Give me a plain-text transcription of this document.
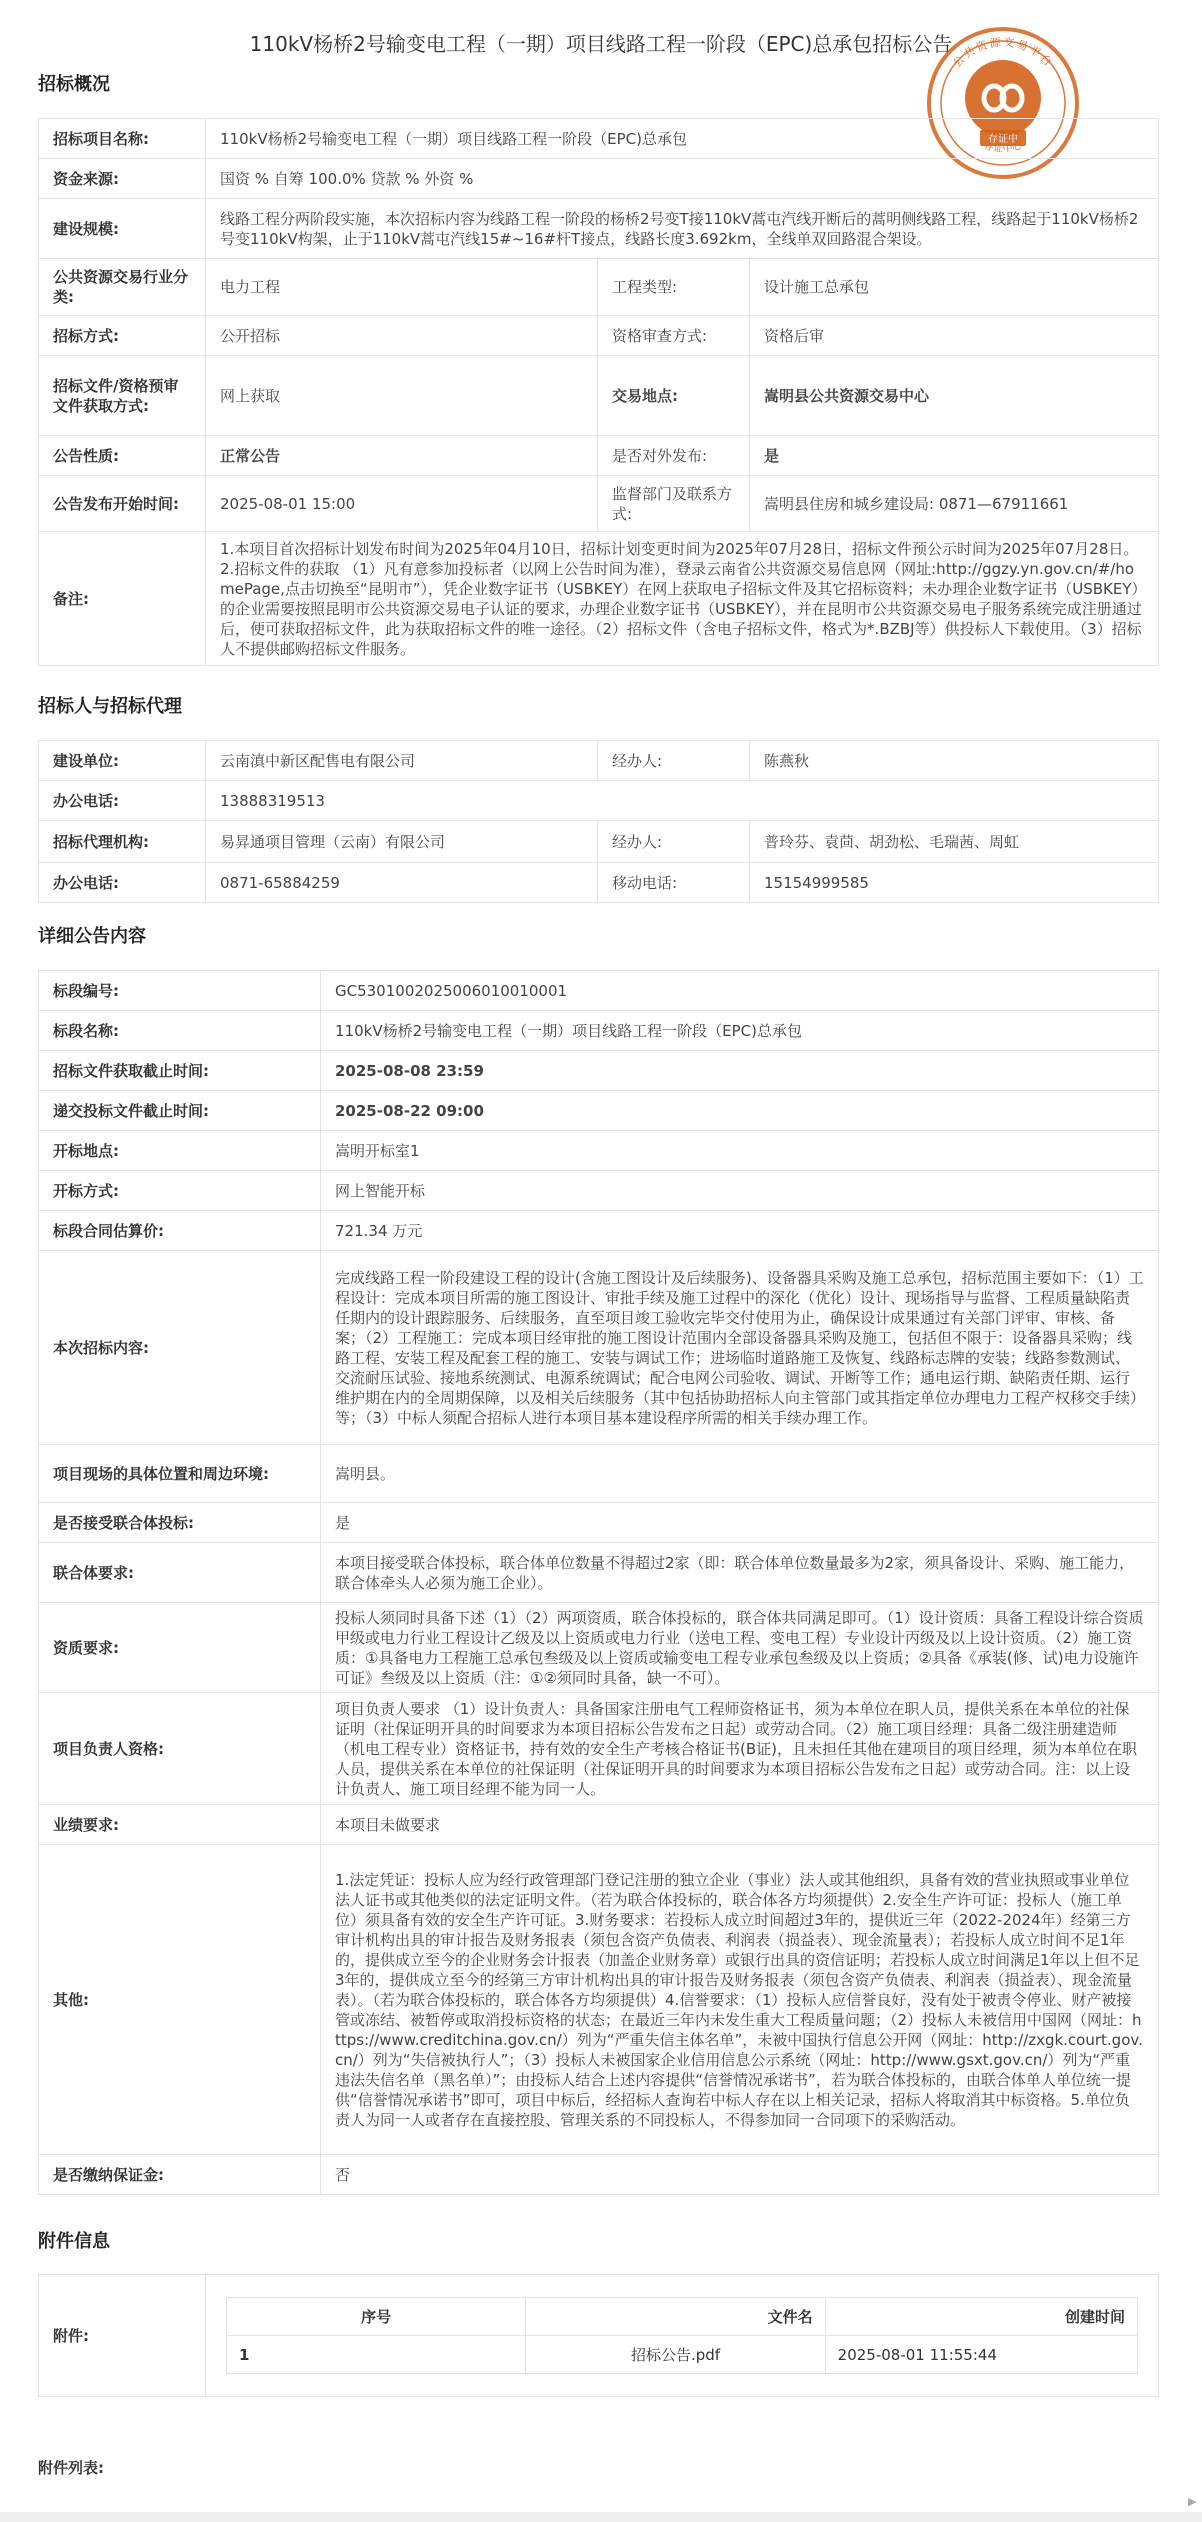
110kV杨桥2号输变电工程（一期）项目线路工程一阶段（EPC)总承包招标公告
公共资源交易平台
存证中
存证中心
招标概况
招标项目名称:	110kV杨桥2号输变电工程（一期）项目线路工程一阶段（EPC)总承包		
资金来源:	国资 % 自筹 100.0% 贷款 % 外资 %		
建设规模:	线路工程分两阶段实施，本次招标内容为线路工程一阶段的杨桥2号变T接110kV蒿屯汽线开断后的蒿明侧线路工程，线路起于110kV杨桥2号变110kV构架，止于110kV蒿屯汽线15#~16#杆T接点，线路长度3.692km，全线单双回路混合架设。		
公共资源交易行业分类:	电力工程	工程类型:	设计施工总承包
招标方式:	公开招标	资格审查方式:	资格后审
招标文件/资格预审文件获取方式:	网上获取	交易地点:	嵩明县公共资源交易中心
公告性质:	正常公告	是否对外发布:	是
公告发布开始时间:	2025-08-01 15:00	监督部门及联系方式:	嵩明县住房和城乡建设局: 0871—67911661
备注:	1.本项目首次招标计划发布时间为2025年04月10日，招标计划变更时间为2025年07月28日，招标文件预公示时间为2025年07月28日。 2.招标文件的获取 （1）凡有意参加投标者（以网上公告时间为准），登录云南省公共资源交易信息网（网址:http://ggzy.yn.gov.cn/#/homePage,点击切换至“昆明市”），凭企业数字证书（USBKEY）在网上获取电子招标文件及其它招标资料；未办理企业数字证书（USBKEY）的企业需要按照昆明市公共资源交易电子认证的要求，办理企业数字证书（USBKEY），并在昆明市公共资源交易电子服务系统完成注册通过后，便可获取招标文件，此为获取招标文件的唯一途径。（2）招标文件（含电子招标文件，格式为*.BZBJ等）供投标人下载使用。（3）招标人不提供邮购招标文件服务。		
招标人与招标代理
建设单位:	云南滇中新区配售电有限公司	经办人:	陈燕秋
办公电话:	13888319513		
招标代理机构:	易昇通项目管理（云南）有限公司	经办人:	普玲芬、袁茴、胡劲松、毛瑞茜、周虹
办公电话:	0871-65884259	移动电话:	15154999585
详细公告内容
标段编号:	GC5301002025006010010001
标段名称:	110kV杨桥2号输变电工程（一期）项目线路工程一阶段（EPC)总承包
招标文件获取截止时间:	2025-08-08 23:59
递交投标文件截止时间:	2025-08-22 09:00
开标地点:	嵩明开标室1
开标方式:	网上智能开标
标段合同估算价:	721.34 万元
本次招标内容:	完成线路工程一阶段建设工程的设计(含施工图设计及后续服务)、设备器具采购及施工总承包，招标范围主要如下：（1）工程设计：完成本项目所需的施工图设计、审批手续及施工过程中的深化（优化）设计、现场指导与监督、工程质量缺陷责任期内的设计跟踪服务、后续服务，直至项目竣工验收完毕交付使用为止，确保设计成果通过有关部门评审、审核、备案；（2）工程施工：完成本项目经审批的施工图设计范围内全部设备器具采购及施工，包括但不限于：设备器具采购；线路工程、安装工程及配套工程的施工、安装与调试工作；进场临时道路施工及恢复、线路标志牌的安装；线路参数测试、交流耐压试验、接地系统测试、电源系统调试；配合电网公司验收、调试、开断等工作；通电运行期、缺陷责任期、运行维护期在内的全周期保障，以及相关后续服务（其中包括协助招标人向主管部门或其指定单位办理电力工程产权移交手续）等；（3）中标人须配合招标人进行本项目基本建设程序所需的相关手续办理工作。
项目现场的具体位置和周边环境:	嵩明县。
是否接受联合体投标:	是
联合体要求:	本项目接受联合体投标，联合体单位数量不得超过2家（即：联合体单位数量最多为2家，须具备设计、采购、施工能力，联合体牵头人必须为施工企业）。
资质要求:	投标人须同时具备下述（1）（2）两项资质，联合体投标的，联合体共同满足即可。（1）设计资质：具备工程设计综合资质甲级或电力行业工程设计乙级及以上资质或电力行业（送电工程、变电工程）专业设计丙级及以上设计资质。（2）施工资质：①具备电力工程施工总承包叁级及以上资质或输变电工程专业承包叁级及以上资质；②具备《承装(修、试)电力设施许可证》叁级及以上资质（注：①②须同时具备，缺一不可）。
项目负责人资格:	项目负责人要求 （1）设计负责人：具备国家注册电气工程师资格证书，须为本单位在职人员，提供关系在本单位的社保证明（社保证明开具的时间要求为本项目招标公告发布之日起）或劳动合同。（2）施工项目经理：具备二级注册建造师（机电工程专业）资格证书，持有效的安全生产考核合格证书(B证)，且未担任其他在建项目的项目经理，须为本单位在职人员，提供关系在本单位的社保证明（社保证明开具的时间要求为本项目招标公告发布之日起）或劳动合同。注：以上设计负责人、施工项目经理不能为同一人。
业绩要求:	本项目未做要求
其他:	1.法定凭证：投标人应为经行政管理部门登记注册的独立企业（事业）法人或其他组织，具备有效的营业执照或事业单位法人证书或其他类似的法定证明文件。（若为联合体投标的，联合体各方均须提供）2.安全生产许可证：投标人（施工单位）须具备有效的安全生产许可证。3.财务要求：若投标人成立时间超过3年的，提供近三年（2022-2024年）经第三方审计机构出具的审计报告及财务报表（须包含资产负债表、利润表（损益表）、现金流量表）；若投标人成立时间不足1年的，提供成立至今的企业财务会计报表（加盖企业财务章）或银行出具的资信证明；若投标人成立时间满足1年以上但不足3年的，提供成立至今的经第三方审计机构出具的审计报告及财务报表（须包含资产负债表、利润表（损益表）、现金流量表）。（若为联合体投标的，联合体各方均须提供）4.信誉要求：（1）投标人应信誉良好，没有处于被责令停业、财产被接管或冻结、被暂停或取消投标资格的状态；在最近三年内未发生重大工程质量问题；（2）投标人未被信用中国网（网址：https://www.creditchina.gov.cn/）列为“严重失信主体名单”，未被中国执行信息公开网（网址：http://zxgk.court.gov.cn/）列为“失信被执行人”；（3）投标人未被国家企业信用信息公示系统（网址：http://www.gsxt.gov.cn/）列为“严重违法失信名单（黑名单）”；由投标人结合上述内容提供“信誉情况承诺书”，若为联合体投标的，由联合体单人单位统一提供“信誉情况承诺书”即可，项目中标后，经招标人查询若中标人存在以上相关记录，招标人将取消其中标资格。5.单位负责人为同一人或者存在直接控股、管理关系的不同投标人，不得参加同一合同项下的采购活动。
是否缴纳保证金:	否
附件信息
附件:	
序号	文件名	创建时间
1	招标公告.pdf	2025-08-01 11:55:44
附件列表:
▶
